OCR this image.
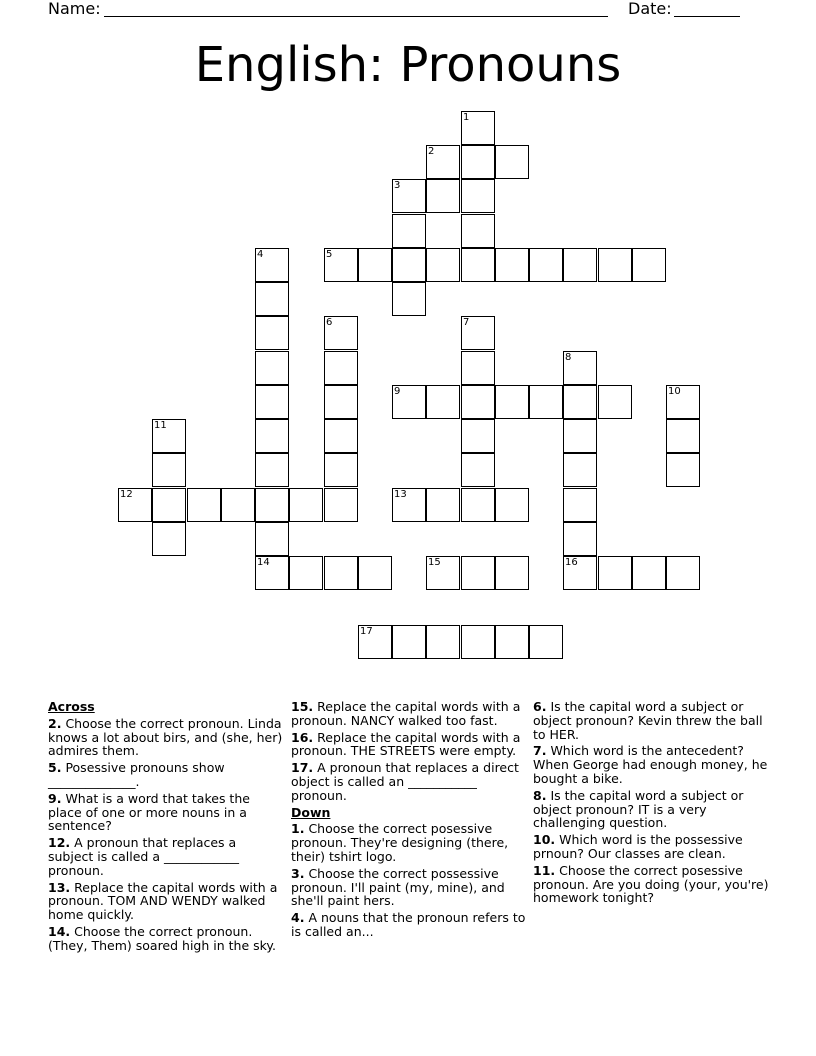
Name:	Date:
English: Pronouns
1
2
3
4	5
6	7
8
9	10
11
12	13
14	15	16
17
Across
2. Choose the correct pronoun. Linda knows a lot about birs, and (she, her) admires them.
5. Posessive pronouns show ______________.
9. What is a word that takes the place of one or more nouns in a sentence?
12. A pronoun that replaces a subject is called a ____________ pronoun.
13. Replace the capital words with a pronoun. TOM AND WENDY walked home quickly.
14. Choose the correct pronoun. (They, Them) soared high in the sky.
15. Replace the capital words with a pronoun. NANCY walked too fast.
16. Replace the capital words with a pronoun. THE STREETS were empty.
17. A pronoun that replaces a direct object is called an ___________ pronoun.
Down
1. Choose the correct posessive pronoun. They're designing (there, their) tshirt logo.
3. Choose the correct possessive pronoun. I'll paint (my, mine), and she'll paint hers.
4. A nouns that the pronoun refers to is called an...
6. Is the capital word a subject or object pronoun? Kevin threw the ball to HER.
7. Which word is the antecedent? When George had enough money, he bought a bike.
8. Is the capital word a subject or object pronoun? IT is a very challenging question.
10. Which word is the possessive prnoun? Our classes are clean.
11. Choose the correct posessive pronoun. Are you doing (your, you're) homework tonight?
